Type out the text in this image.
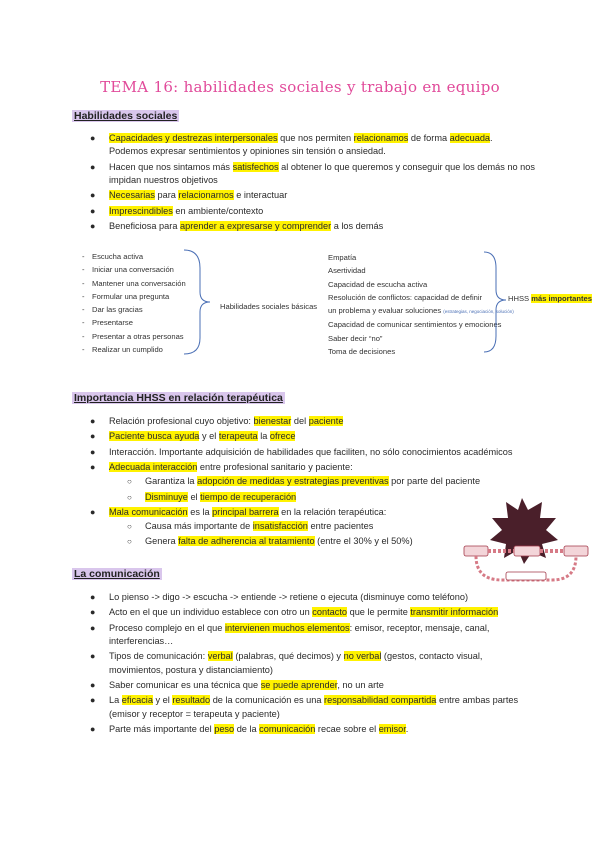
TEMA 16: habilidades sociales y trabajo en equipo
Habilidades sociales
● Capacidades y destrezas interpersonales que nos permiten relacionamos de forma adecuada.
Podemos expresar sentimientos y opiniones sin tensión o ansiedad.
● Hacen que nos sintamos más satisfechos al obtener lo que queremos y conseguir que los demás no nos impidan nuestros objetivos
● Necesarias para relacionarnos e interactuar
● Imprescindibles en ambiente/contexto
● Beneficiosa para aprender a expresarse y comprender a los demás
- Escucha activa
- Iniciar una conversación
- Mantener una conversación
- Formular una pregunta
- Dar las gracias
- Presentarse
- Presentar a otras personas
- Realizar un cumplido
Habilidades sociales básicas
Empatía
Asertividad
Capacidad de escucha activa
Resolución de conflictos: capacidad de definir
un problema y evaluar soluciones (estrategias, negociación, solución)
Capacidad de comunicar sentimientos y emociones
Saber decir “no”
Toma de decisiones
HHSS más importantes
Importancia HHSS en relación terapéutica
● Relación profesional cuyo objetivo: bienestar del paciente
● Paciente busca ayuda y el terapeuta la ofrece
● Interacción. Importante adquisición de habilidades que faciliten, no sólo conocimientos académicos
● Adecuada interacción entre profesional sanitario y paciente:
○ Garantiza la adopción de medidas y estrategias preventivas por parte del paciente
○ Disminuye el tiempo de recuperación
● Mala comunicación es la principal barrera en la relación terapéutica:
○ Causa más importante de insatisfacción entre pacientes
○ Genera falta de adherencia al tratamiento (entre el 30% y el 50%)
La comunicación
● Lo pienso -> digo -> escucha -> entiende -> retiene o ejecuta (disminuye como teléfono)
● Acto en el que un individuo establece con otro un contacto que le permite transmitir información
● Proceso complejo en el que intervienen muchos elementos: emisor, receptor, mensaje, canal, interferencias…
● Tipos de comunicación: verbal (palabras, qué decimos) y no verbal (gestos, contacto visual, movimientos, postura y distanciamiento)
● Saber comunicar es una técnica que se puede aprender, no un arte
● La eficacia y el resultado de la comunicación es una responsabilidad compartida entre ambas partes (emisor y receptor = terapeuta y paciente)
● Parte más importante del peso de la comunicación recae sobre el emisor.
